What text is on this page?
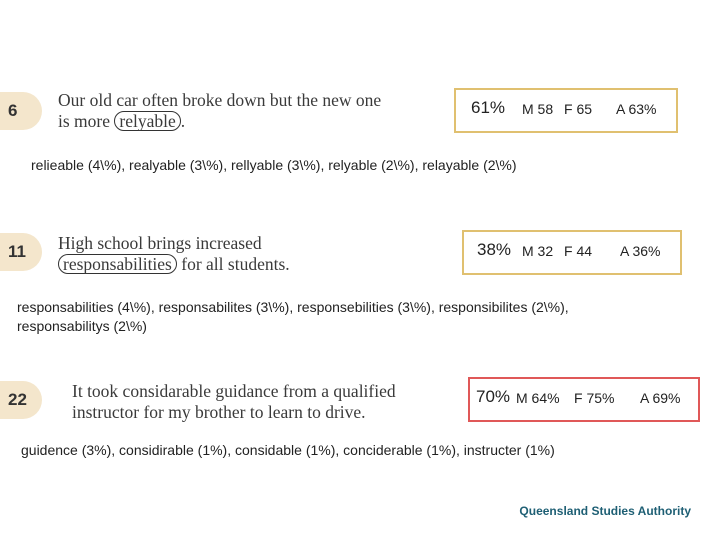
6
Our old car often broke down but the new one
is more relyable .
61% M 58 F 65 A 63%
relieable (4\%), realyable (3\%), rellyable (3\%), relyable (2\%), relayable (2\%)
11	High school brings increased
responsabilities for all students.
38% M 32 F 44 A 36%
responsabilities (4\%), responsabilites (3\%), responsebilities (3\%), responsibilites (2\%),
responsabilitys (2\%)
22	It took considarable guidance from a qualified
instructor for my brother to learn to drive.
70% M 64% F 75% A 69%
guidence (3%), considirable (1%), considable (1%), conciderable (1%), instructer (1%)
Queensland Studies Authority
